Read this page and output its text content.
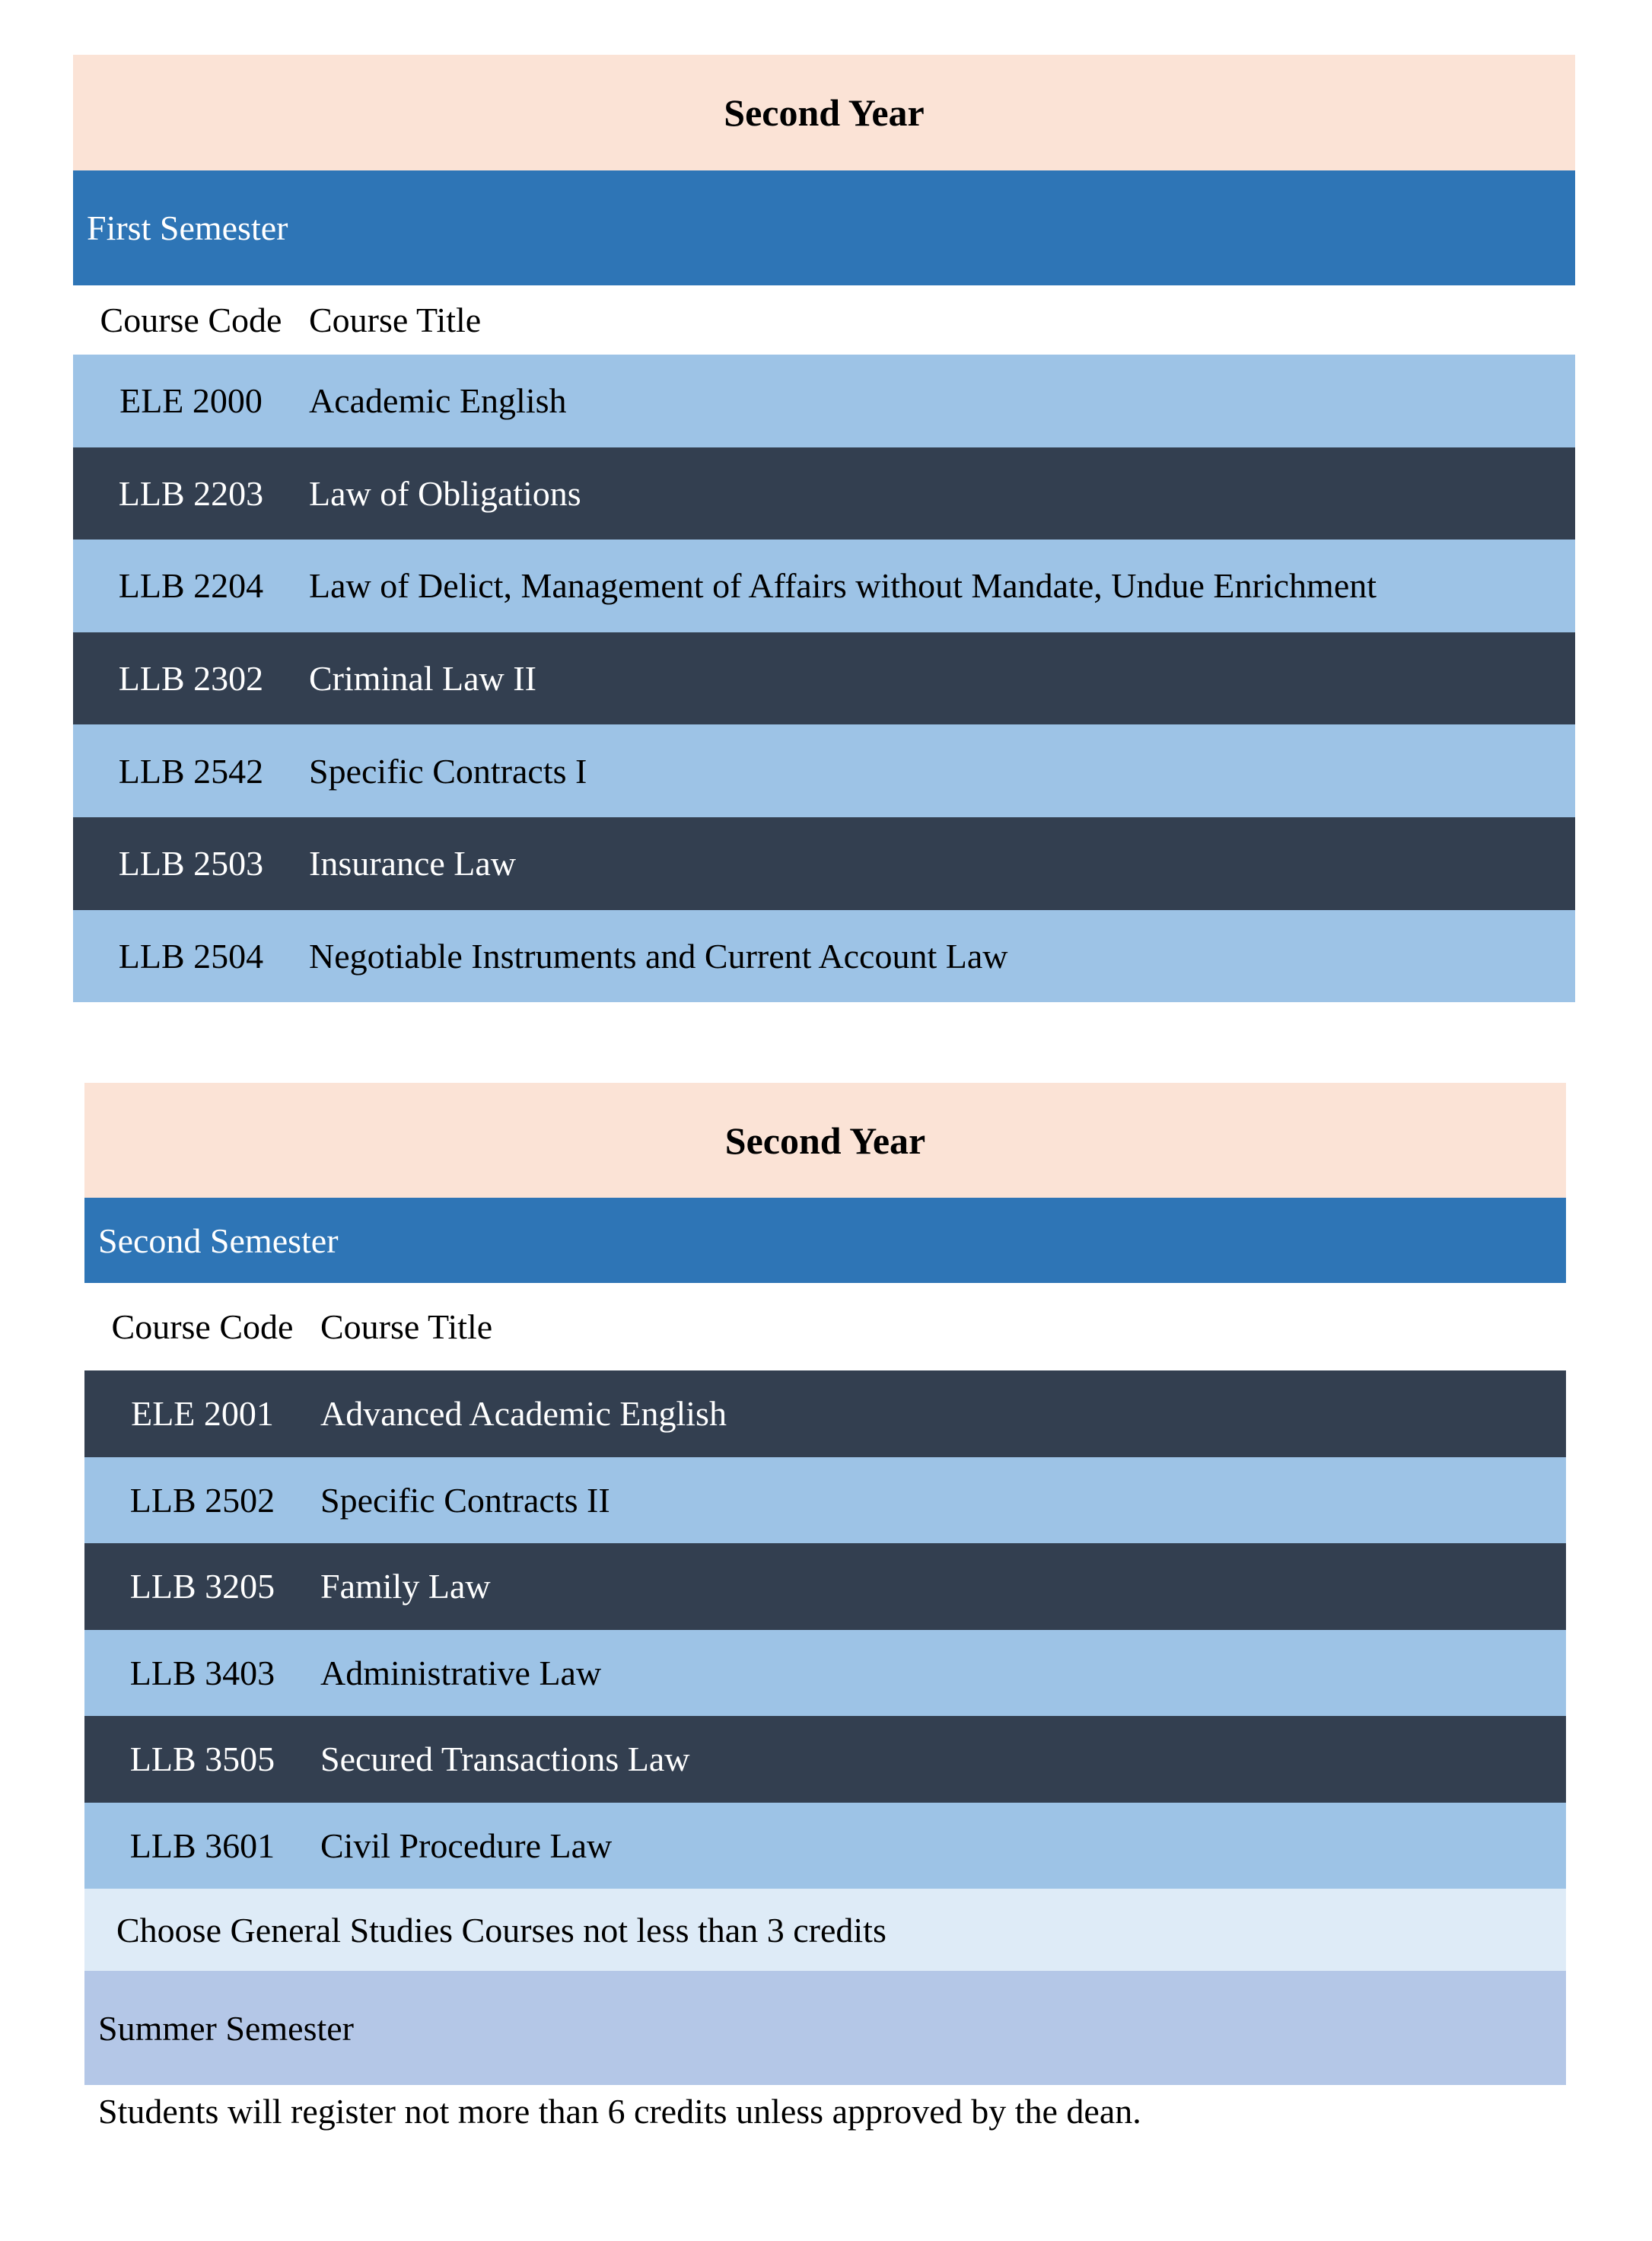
Second Year
First Semester
Course Code Course Title
ELE 2000	Academic English
LLB 2203	Law of Obligations
LLB 2204	Law of Delict, Management of Affairs without Mandate, Undue Enrichment
LLB 2302	Criminal Law II
LLB 2542	Specific Contracts I
LLB 2503	Insurance Law
LLB 2504	Negotiable Instruments and Current Account Law
Second Year
Second Semester
Course Code Course Title
ELE 2001	Advanced Academic English
LLB 2502	Specific Contracts II
LLB 3205	Family Law
LLB 3403	Administrative Law
LLB 3505	Secured Transactions Law
LLB 3601	Civil Procedure Law
Choose General Studies Courses not less than 3 credits
Summer Semester
Students will register not more than 6 credits unless approved by the dean.
